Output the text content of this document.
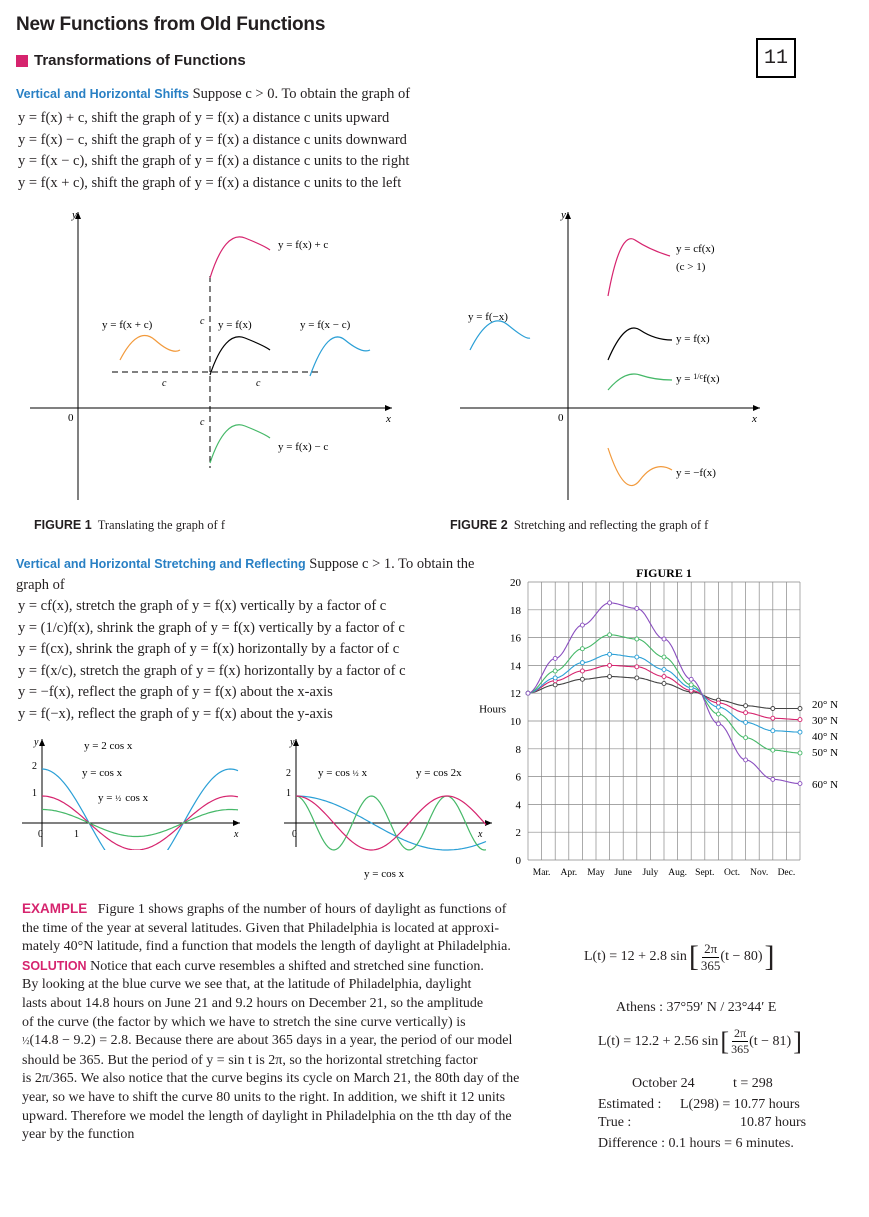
New Functions from Old Functions
Transformations of Functions	11
Vertical and Horizontal Shifts Suppose c > 0. To obtain the graph of
y = f(x) + c, shift the graph of y = f(x) a distance c units upward
y = f(x) − c, shift the graph of y = f(x) a distance c units downward
y = f(x − c), shift the graph of y = f(x) a distance c units to the right
y = f(x + c), shift the graph of y = f(x) a distance c units to the left
y
x
0
y = f(x) + c
y = f(x) − c
y = f(x + c)	y = f(x)	y = f(x − c)
c
c
c	c
y
x
0
y = f(−x)
y = cf(x)
(c > 1)
y = f(x)
y = $^{1/c}$f(x)
y = −f(x)
FIGURE 1 Translating the graph of f	FIGURE 2 Stretching and reflecting the graph of f
Vertical and Horizontal Stretching and Reflecting Suppose c > 1. To obtain the
graph of
y = cf(x), stretch the graph of y = f(x) vertically by a factor of c
y = (1/c)f(x), shrink the graph of y = f(x) vertically by a factor of c
y = f(cx), shrink the graph of y = f(x) horizontally by a factor of c
y = f(x/c), stretch the graph of y = f(x) horizontally by a factor of c
y = −f(x), reflect the graph of y = f(x) about the x-axis
y = f(−x), reflect the graph of y = f(x) about the y-axis
y
x
0	1
2
1
y = 2 cos x
y = cos x
y = ½ cos x
y
x
0
2
1
y = cos ½ x	y = cos 2x
y = cos x
FIGURE 1
0
2
4
6
8
10
12
14
16
18
20
Mar. Apr. May June July Aug. Sept. Oct. Nov. Dec.
Hours	20° N
30° N
40° N
50° N
60° N
EXAMPLE Figure 1 shows graphs of the number of hours of daylight as functions of
the time of the year at several latitudes. Given that Philadelphia is located at approxi-
mately 40°N latitude, find a function that models the length of daylight at Philadelphia.
SOLUTION Notice that each curve resembles a shifted and stretched sine function.
By looking at the blue curve we see that, at the latitude of Philadelphia, daylight
lasts about 14.8 hours on June 21 and 9.2 hours on December 21, so the amplitude
of the curve (the factor by which we have to stretch the sine curve vertically) is
½(14.8 − 9.2) = 2.8. Because there are about 365 days in a year, the period of our model
should be 365. But the period of y = sin t is 2π, so the horizontal stretching factor
is 2π/365. We also notice that the curve begins its cycle on March 21, the 80th day of the
year, so we have to shift the curve 80 units to the right. In addition, we shift it 12 units
upward. Therefore we model the length of daylight in Philadelphia on the tth day of the
year by the function
L(t) = 12 + 2.8 sin [ $\frac{2\pi}{365} (t - 80)$ ]
Athens : 37°59′ N / 23°44′ E
L(t) = 12.2 + 2.56 sin [ $\frac{2\pi}{365} (t - 81)$ ]
October 24	t = 298
Estimated : L(298) = 10.77 hours
True :	10.87 hours
Difference : 0.1 hours = 6 minutes.
